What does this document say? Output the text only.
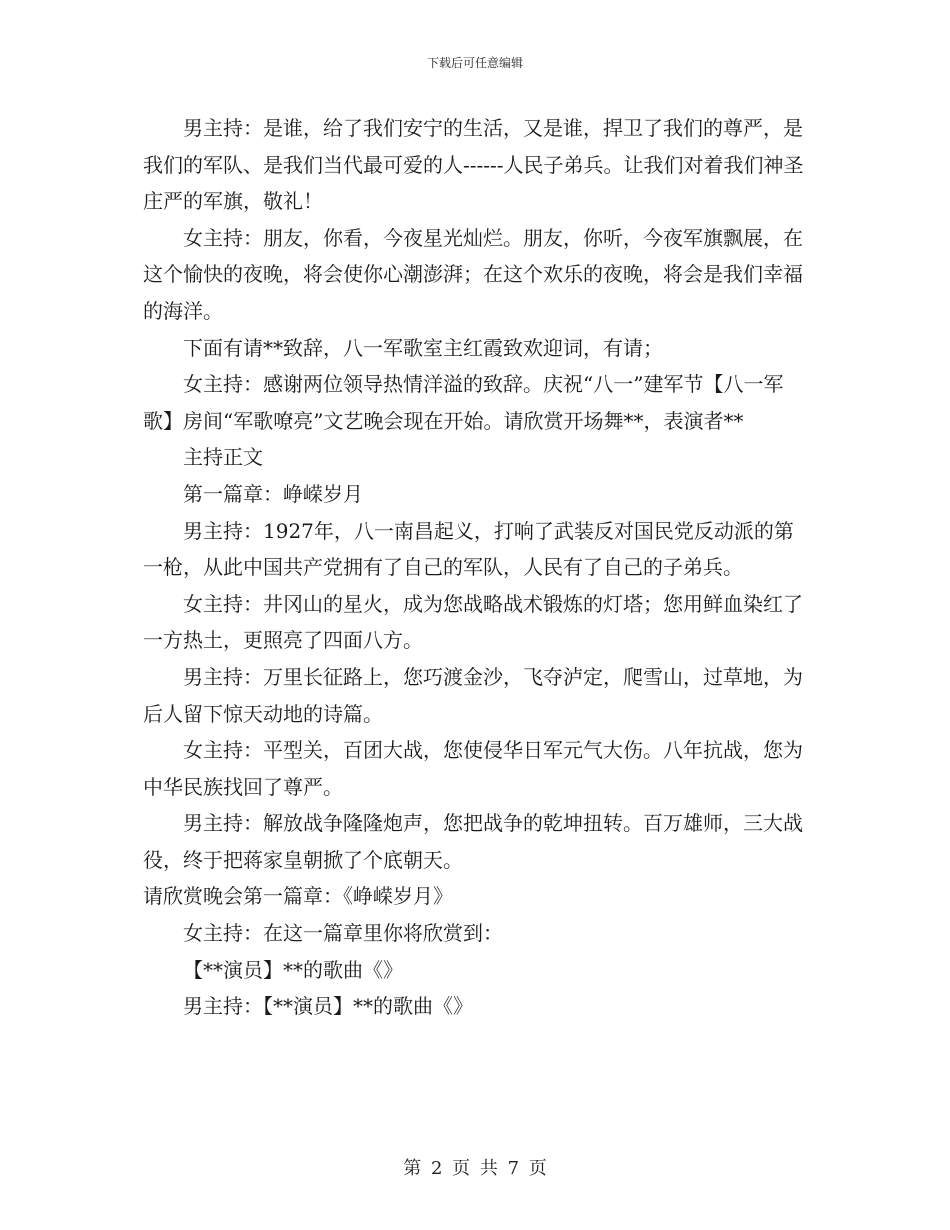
下载后可任意编辑

男主持：是谁，给了我们安宁的生活，又是谁，捍卫了我们的尊严，是我们的军队、是我们当代最可爱的人------人民子弟兵。让我们对着我们神圣庄严的军旗，敬礼！

女主持：朋友，你看，今夜星光灿烂。朋友，你听，今夜军旗飘展，在这个愉快的夜晚，将会使你心潮澎湃；在这个欢乐的夜晚，将会是我们幸福的海洋。

下面有请**致辞，八一军歌室主红霞致欢迎词，有请；

女主持：感谢两位领导热情洋溢的致辞。庆祝“八一”建军节【八一军歌】房间“军歌嘹亮”文艺晚会现在开始。请欣赏开场舞**，表演者**

主持正文

第一篇章：峥嵘岁月

男主持：1927年，八一南昌起义，打响了武装反对国民党反动派的第一枪，从此中国共产党拥有了自己的军队，人民有了自己的子弟兵。

女主持：井冈山的星火，成为您战略战术锻炼的灯塔；您用鲜血染红了一方热土，更照亮了四面八方。

男主持：万里长征路上，您巧渡金沙，飞夺泸定，爬雪山，过草地，为后人留下惊天动地的诗篇。

女主持：平型关，百团大战，您使侵华日军元气大伤。八年抗战，您为中华民族找回了尊严。

男主持：解放战争隆隆炮声，您把战争的乾坤扭转。百万雄师，三大战役，终于把蒋家皇朝掀了个底朝天。

请欣赏晚会第一篇章：《峥嵘岁月》

女主持：在这一篇章里你将欣赏到：

【**演员】**的歌曲《》

男主持：【**演员】**的歌曲《》

第 2 页 共 7 页
